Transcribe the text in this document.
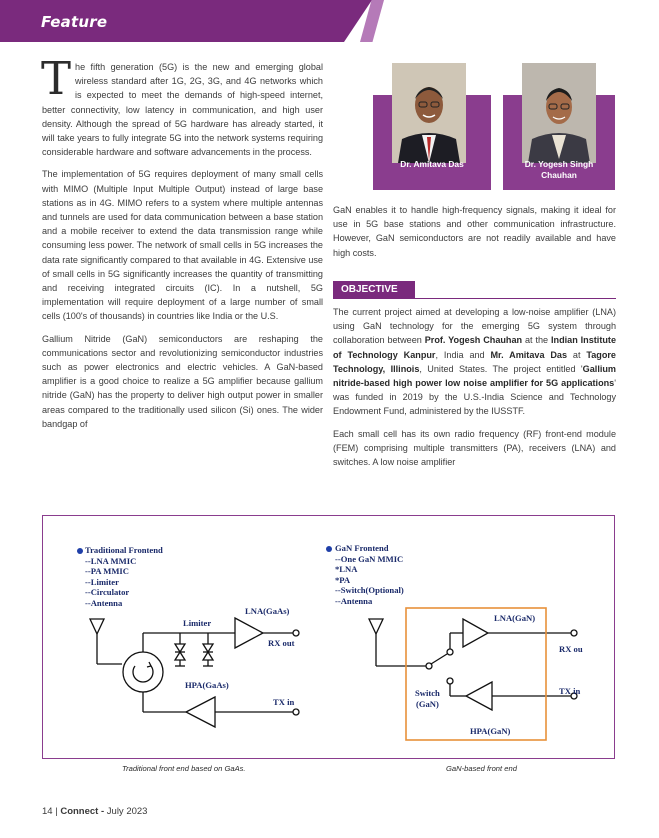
Feature

The fifth generation (5G) is the new and emerging global wireless standard after 1G, 2G, 3G, and 4G networks which is expected to meet the demands of high-speed internet, better connectivity, low latency in communication, and high user density. Although the spread of 5G hardware has already started, it will take years to fully integrate 5G into the network systems requiring considerable hardware and software advancements in the process.

The implementation of 5G requires deployment of many small cells with MIMO (Multiple Input Multiple Output) instead of large base stations as in 4G. MIMO refers to a system where multiple antennas and tunnels are used for data communication between a base station and a mobile receiver to extend the data transmission range while consuming less power. The network of small cells in 5G increases the data rate significantly compared to that available in 4G. Extensive use of small cells in 5G significantly increases the quantity of transmitting and receiving integrated circuits (IC). In a nutshell, 5G implementation will require deployment of a large number of small cells (100's of thousands) in countries like India or the U.S.

Gallium Nitride (GaN) semiconductors are reshaping the communications sector and revolutionizing semiconductor industries such as power electronics and electric vehicles. A GaN-based amplifier is a good choice to realize a 5G amplifier because gallium nitride (GaN) has the property to deliver high output power in smaller areas compared to the traditionally used silicon (Si) ones. The wider bandgap of

Dr. Amitava Das	Dr. Yogesh Singh
Chauhan

GaN enables it to handle high-frequency signals, making it ideal for use in 5G base stations and other communication infrastructure. However, GaN semiconductors are not readily available and have high costs.

OBJECTIVE

The current project aimed at developing a low-noise amplifier (LNA) using GaN technology for the emerging 5G system through collaboration between Prof. Yogesh Chauhan at the Indian Institute of Technology Kanpur, India and Mr. Amitava Das at Tagore Technology, Illinois, United States. The project entitled 'Gallium nitride-based high power low noise amplifier for 5G applications' was funded in 2019 by the U.S.-India Science and Technology Endowment Fund, administered by the IUSSTF.

Each small cell has its own radio frequency (RF) front-end module (FEM) comprising multiple transmitters (PA), receivers (LNA) and switches. A low noise amplifier

Traditional Frontend
--LNA MMIC
--PA MMIC
--Limiter
--Circulator
--Antenna
Limiter
LNA(GaAs)
RX out
HPA(GaAs)
TX in
GaN Frontend
--One GaN MMIC
*LNA
*PA
--Switch(Optional)
--Antenna
LNA(GaN)
RX ou
Switch
(GaN)
TX in
HPA(GaN)
Traditional front end based on GaAs.	GaN-based front end
14 | Connect - July 2023
